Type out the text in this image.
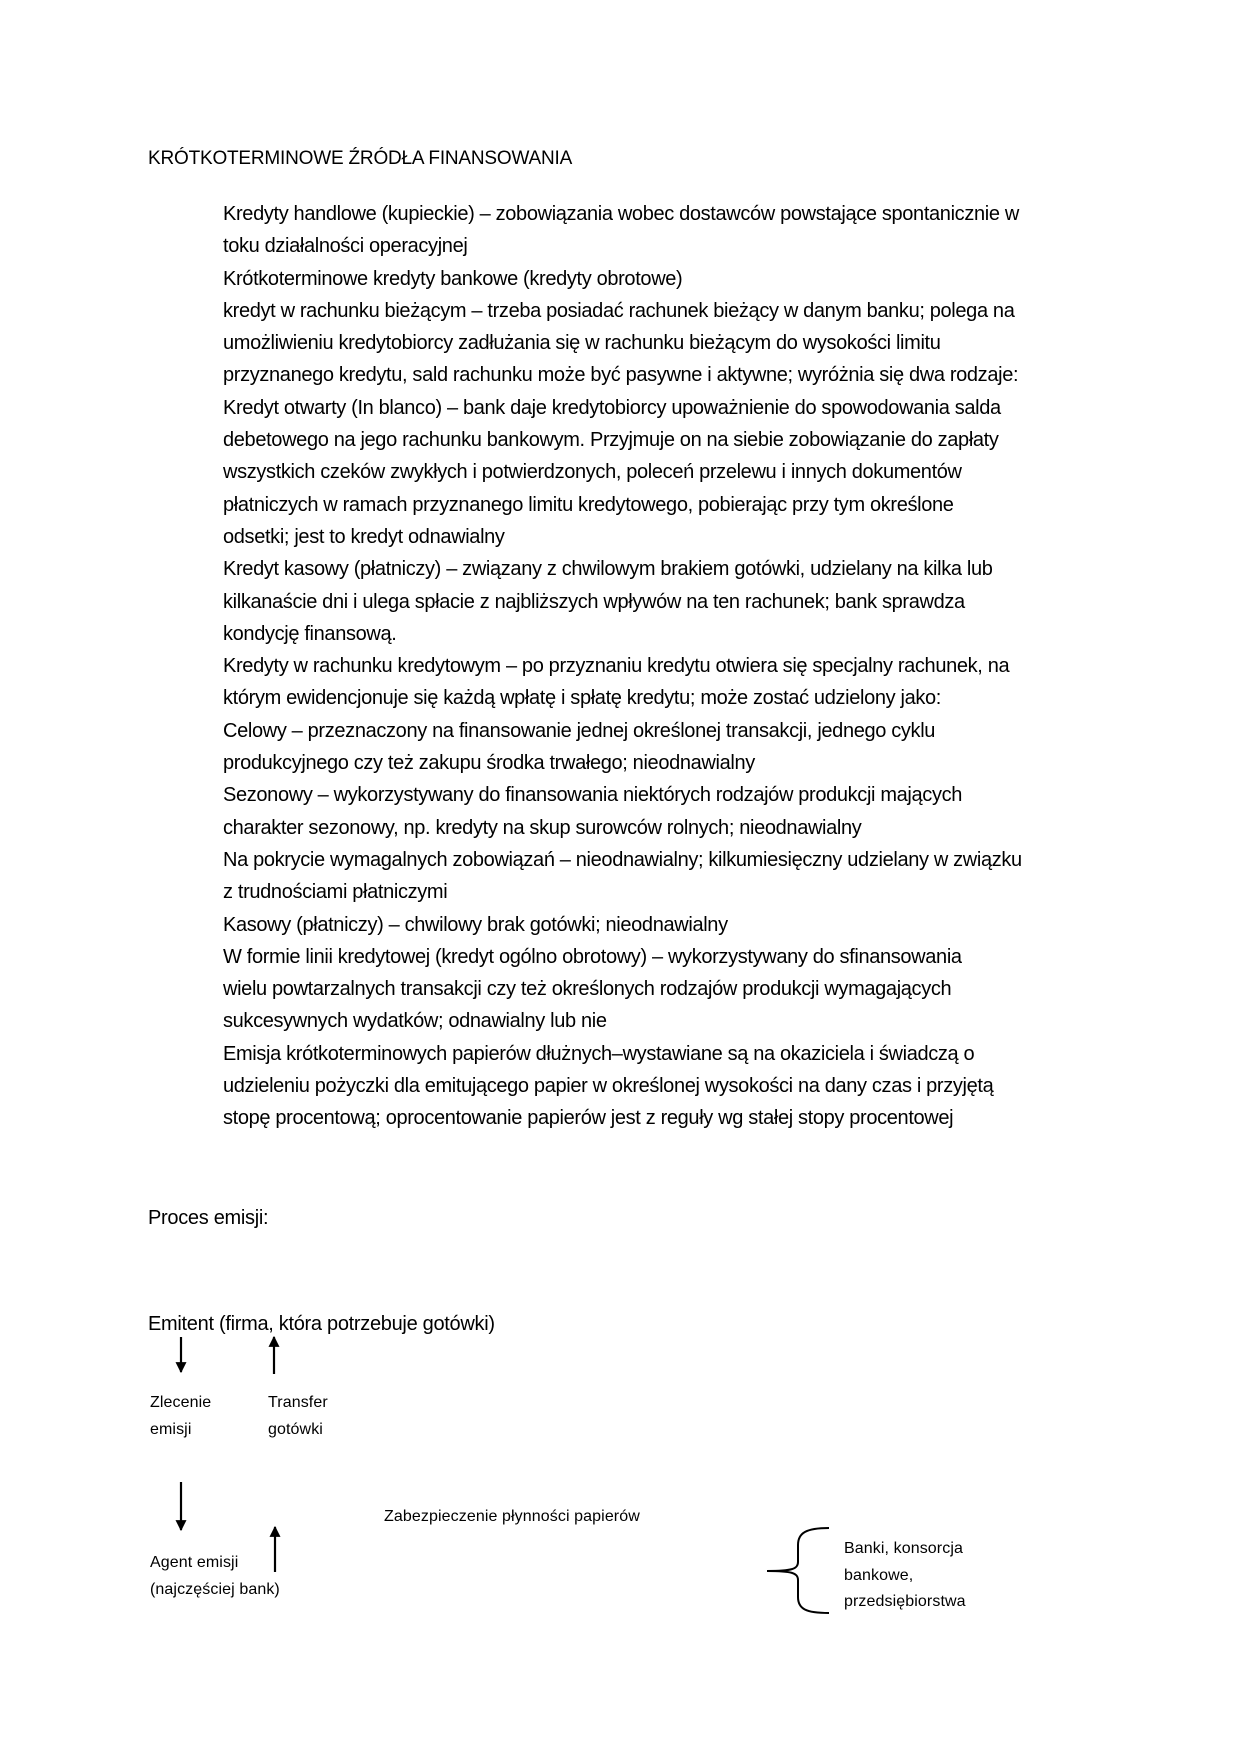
KRÓTKOTERMINOWE ŹRÓDŁA FINANSOWANIA
Kredyty handlowe (kupieckie) – zobowiązania wobec dostawców powstające spontanicznie w
toku działalności operacyjnej
Krótkoterminowe kredyty bankowe (kredyty obrotowe)
kredyt w rachunku bieżącym – trzeba posiadać rachunek bieżący w danym banku; polega na
umożliwieniu kredytobiorcy zadłużania się w rachunku bieżącym do wysokości limitu
przyznanego kredytu, sald rachunku może być pasywne i aktywne; wyróżnia się dwa rodzaje:
Kredyt otwarty (In blanco) – bank daje kredytobiorcy upoważnienie do spowodowania salda
debetowego na jego rachunku bankowym. Przyjmuje on na siebie zobowiązanie do zapłaty
wszystkich czeków zwykłych i potwierdzonych, poleceń przelewu i innych dokumentów
płatniczych w ramach przyznanego limitu kredytowego, pobierając przy tym określone
odsetki; jest to kredyt odnawialny
Kredyt kasowy (płatniczy) – związany z chwilowym brakiem gotówki, udzielany na kilka lub
kilkanaście dni i ulega spłacie z najbliższych wpływów na ten rachunek; bank sprawdza
kondycję finansową.
Kredyty w rachunku kredytowym – po przyznaniu kredytu otwiera się specjalny rachunek, na
którym ewidencjonuje się każdą wpłatę i spłatę kredytu; może zostać udzielony jako:
Celowy – przeznaczony na finansowanie jednej określonej transakcji, jednego cyklu
produkcyjnego czy też zakupu środka trwałego; nieodnawialny
Sezonowy – wykorzystywany do finansowania niektórych rodzajów produkcji mających
charakter sezonowy, np. kredyty na skup surowców rolnych; nieodnawialny
Na pokrycie wymagalnych zobowiązań – nieodnawialny; kilkumiesięczny udzielany w związku
z trudnościami płatniczymi
Kasowy (płatniczy) – chwilowy brak gotówki; nieodnawialny
W formie linii kredytowej (kredyt ogólno obrotowy) – wykorzystywany do sfinansowania
wielu powtarzalnych transakcji czy też określonych rodzajów produkcji wymagających
sukcesywnych wydatków; odnawialny lub nie
Emisja krótkoterminowych papierów dłużnych–wystawiane są na okaziciela i świadczą o
udzieleniu pożyczki dla emitującego papier w określonej wysokości na dany czas i przyjętą
stopę procentową; oprocentowanie papierów jest z reguły wg stałej stopy procentowej
Proces emisji:
Emitent (firma, która potrzebuje gotówki)
Zlecenie
emisji
Transfer
gotówki
Zabezpieczenie płynności papierów
Agent emisji
(najczęściej bank)
Banki, konsorcja
bankowe,
przedsiębiorstwa
